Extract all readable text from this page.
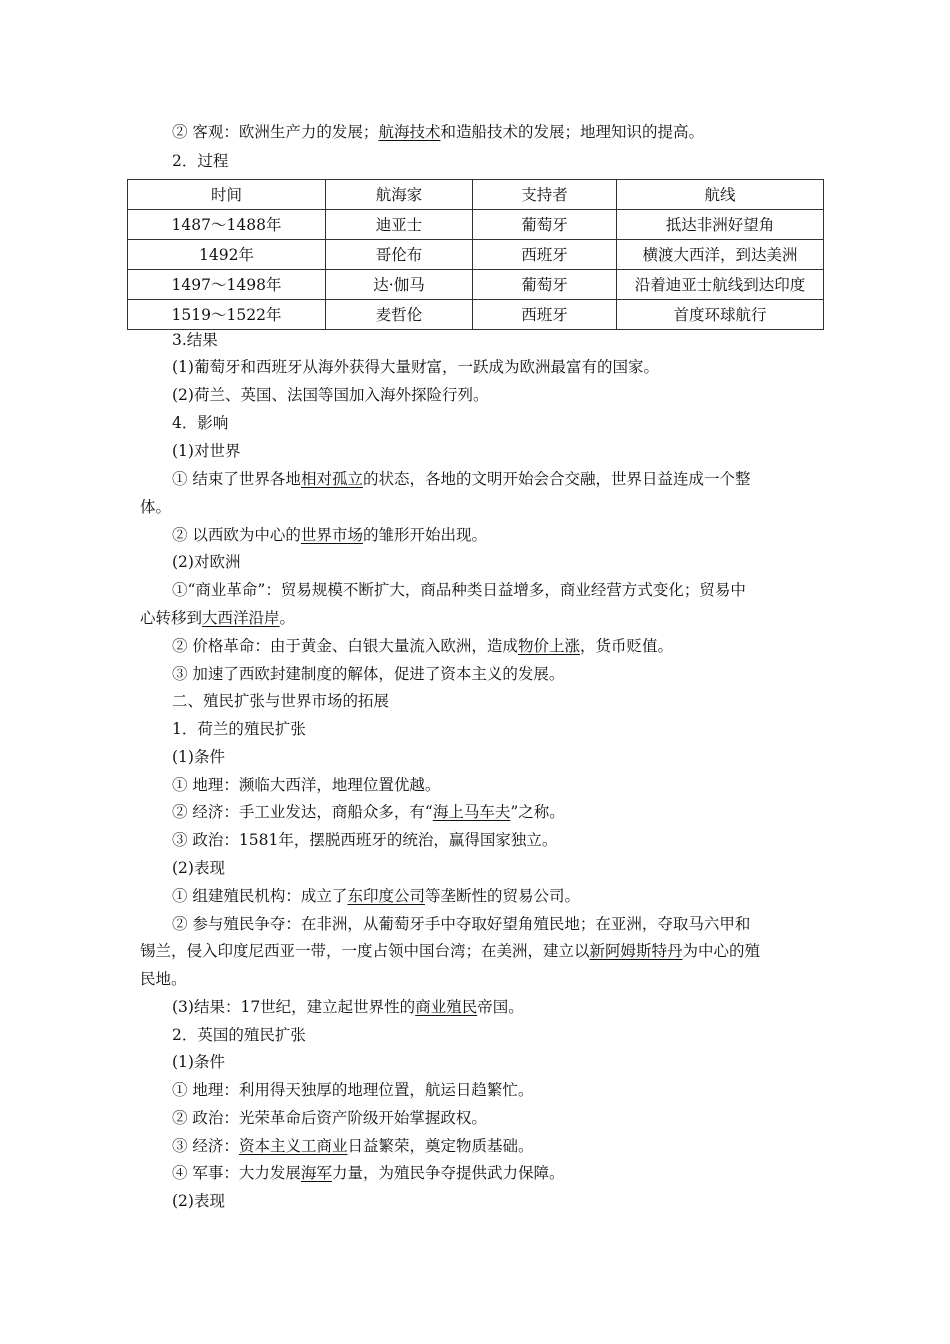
② 客观：欧洲生产力的发展；航海技术和造船技术的发展；地理知识的提高。
2．过程
时间	航海家	支持者	航线
1487～1488年	迪亚士	葡萄牙	抵达非洲好望角
1492年	哥伦布	西班牙	横渡大西洋，到达美洲
1497～1498年	达·伽马	葡萄牙	沿着迪亚士航线到达印度
1519～1522年	麦哲伦	西班牙	首度环球航行
3.结果
(1)葡萄牙和西班牙从海外获得大量财富，一跃成为欧洲最富有的国家。
(2)荷兰、英国、法国等国加入海外探险行列。
4．影响
(1)对世界
① 结束了世界各地相对孤立的状态，各地的文明开始会合交融，世界日益连成一个整
体。
② 以西欧为中心的世界市场的雏形开始出现。
(2)对欧洲
①“商业革命”：贸易规模不断扩大，商品种类日益增多，商业经营方式变化；贸易中
心转移到大西洋沿岸。
② 价格革命：由于黄金、白银大量流入欧洲，造成物价上涨，货币贬值。
③ 加速了西欧封建制度的解体，促进了资本主义的发展。
二、殖民扩张与世界市场的拓展
1．荷兰的殖民扩张
(1)条件
① 地理：濒临大西洋，地理位置优越。
② 经济：手工业发达，商船众多，有“海上马车夫”之称。
③ 政治：1581年，摆脱西班牙的统治，赢得国家独立。
(2)表现
① 组建殖民机构：成立了东印度公司等垄断性的贸易公司。
② 参与殖民争夺：在非洲，从葡萄牙手中夺取好望角殖民地；在亚洲，夺取马六甲和
锡兰，侵入印度尼西亚一带，一度占领中国台湾；在美洲，建立以新阿姆斯特丹为中心的殖
民地。
(3)结果：17世纪，建立起世界性的商业殖民帝国。
2．英国的殖民扩张
(1)条件
① 地理：利用得天独厚的地理位置，航运日趋繁忙。
② 政治：光荣革命后资产阶级开始掌握政权。
③ 经济：资本主义工商业日益繁荣，奠定物质基础。
④ 军事：大力发展海军力量，为殖民争夺提供武力保障。
(2)表现
